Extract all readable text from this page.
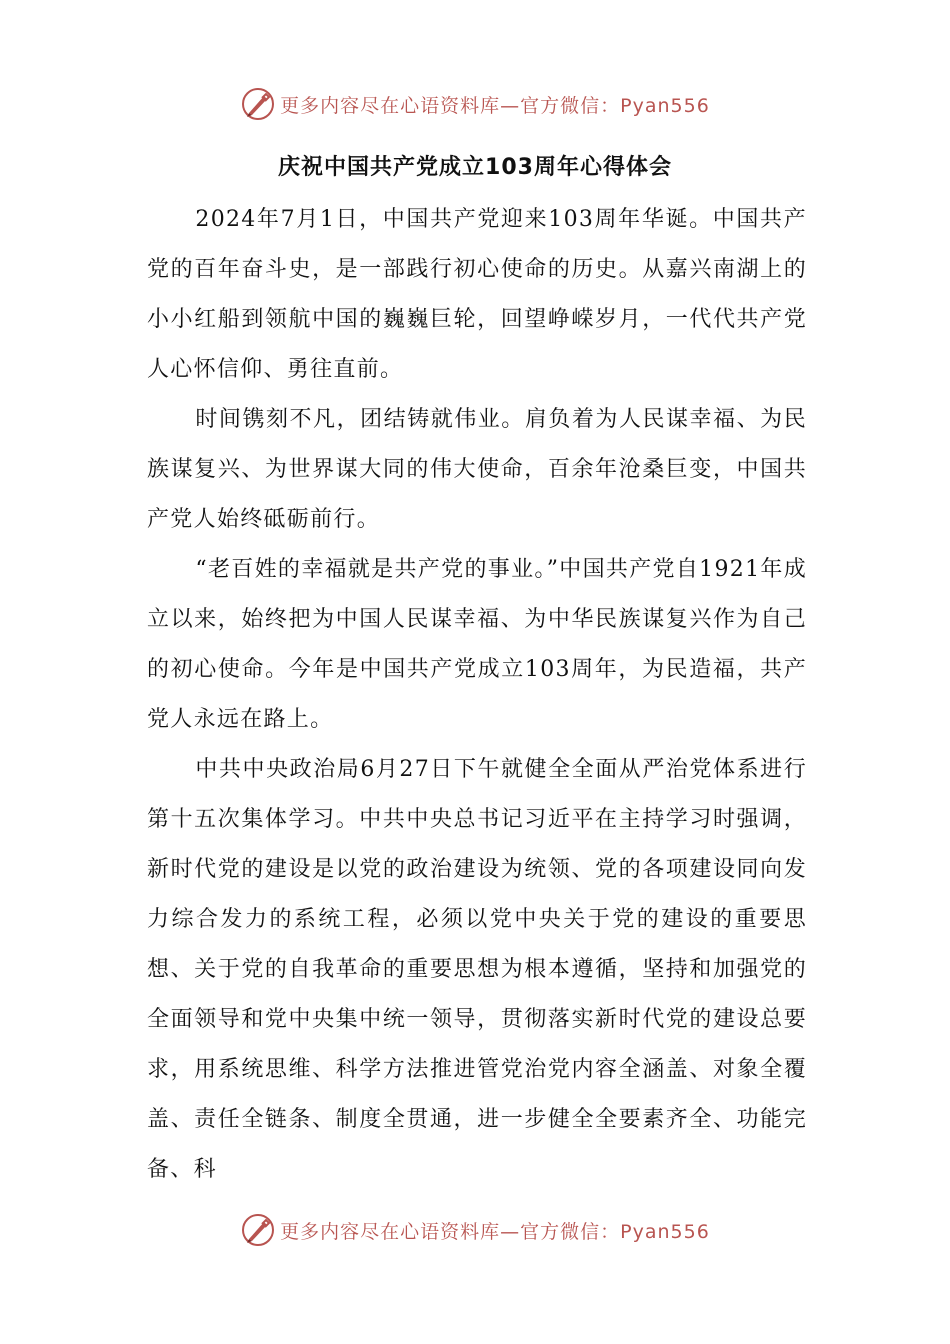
更多内容尽在心语资料库—官方微信：Pyan556
庆祝中国共产党成立103周年心得体会

2024年7月1日，中国共产党迎来103周年华诞。中国共产党的百年奋斗史，是一部践行初心使命的历史。从嘉兴南湖上的小小红船到领航中国的巍巍巨轮，回望峥嵘岁月，一代代共产党人心怀信仰、勇往直前。

时间镌刻不凡，团结铸就伟业。肩负着为人民谋幸福、为民族谋复兴、为世界谋大同的伟大使命，百余年沧桑巨变，中国共产党人始终砥砺前行。

“老百姓的幸福就是共产党的事业。”中国共产党自1921年成立以来，始终把为中国人民谋幸福、为中华民族谋复兴作为自己的初心使命。今年是中国共产党成立103周年，为民造福，共产党人永远在路上。

中共中央政治局6月27日下午就健全全面从严治党体系进行第十五次集体学习。中共中央总书记习近平在主持学习时强调，新时代党的建设是以党的政治建设为统领、党的各项建设同向发力综合发力的系统工程，必须以党中央关于党的建设的重要思想、关于党的自我革命的重要思想为根本遵循，坚持和加强党的全面领导和党中央集中统一领导，贯彻落实新时代党的建设总要求，用系统思维、科学方法推进管党治党内容全涵盖、对象全覆盖、责任全链条、制度全贯通，进一步健全全要素齐全、功能完备、科

更多内容尽在心语资料库—官方微信：Pyan556
